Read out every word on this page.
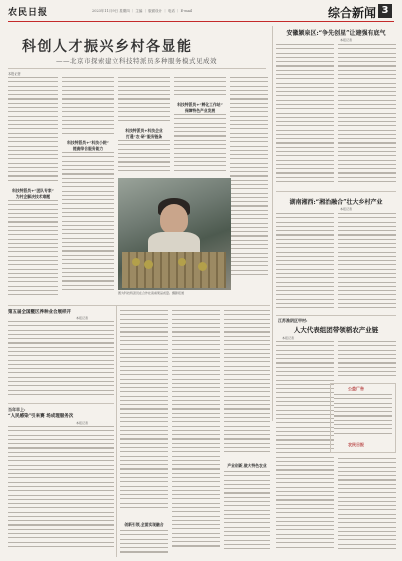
农民日报	2023年11月9日 星期四 ｜ 主编 ｜ 版面设计 ｜ 电话 ｜ E-mail	综合新闻 3
科创人才振兴乡村各显能
——北京市探索建立科技特派员多种服务模式见成效
本报记者
科技特派员+“团队专家”
为村企解决技术难题
科技特派员+“科技小院”
提高综合服务能力
科技特派员+科技企业
打通“农·研”服务链条
科技特派员+“孵化工作站”
保障特色产业发展
图为科技特派员在合作社查看果品质量。摄影报道
安徽颍泉区:“争先创星”让建强有底气
本报记者
湖南湘西:“湘治融合”壮大乡村产业
本报记者
江苏淮阴区甲村:
人大代表组团带领稻农产业链
本报记者
公益广告
农民日报
第五届全国暨区养种业合展样开
本报记者
当年早上:
“人民感染”引来赛 场成理服务次
本报记者
创新引领,全面实现融合
产业创新,做大特色农业
